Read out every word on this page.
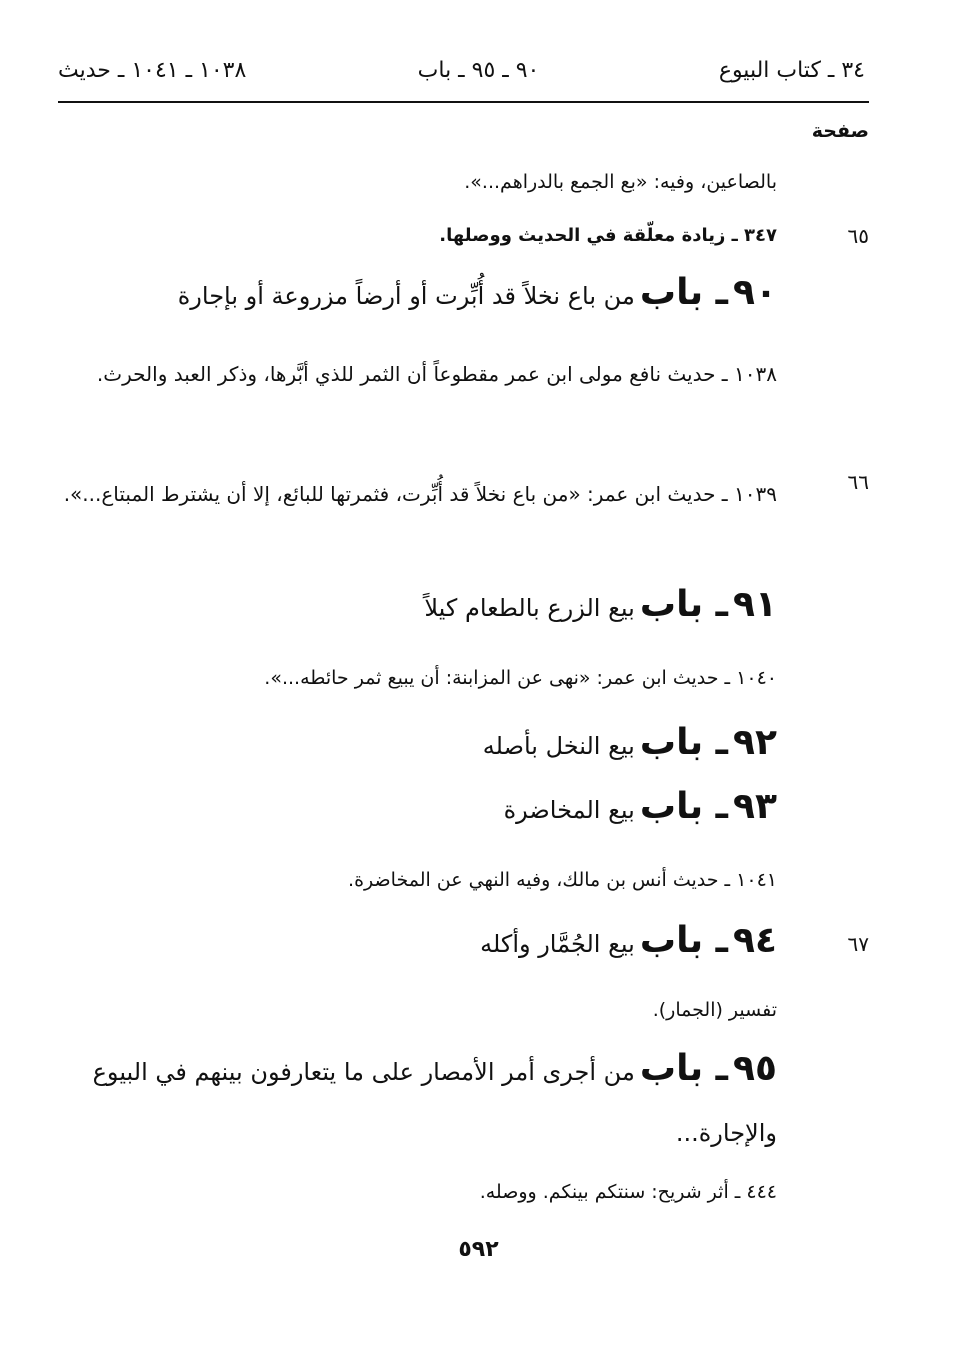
٣٤ ـ كتاب البيوع
٩٠ ـ ٩٥ ـ باب
١٠٣٨ ـ ١٠٤١ ـ حديث
صفحة
بالصاعين، وفيه: «بع الجمع بالدراهم...».
٦٥
٣٤٧ ـ زيادة معلّقة في الحديث ووصلها.
٩٠ ـ باب من باع نخلاً قد أُبِّرت أو أرضاً مزروعة أو بإجارة
١٠٣٨ ـ حديث نافع مولى ابن عمر مقطوعاً أن الثمر للذي أبَّرها، وذكر العبد والحرث.
٦٦
١٠٣٩ ـ حديث ابن عمر: «من باع نخلاً قد أُبِّرت، فثمرتها للبائع، إلا أن يشترط المبتاع...».
٩١ ـ باب بيع الزرع بالطعام كيلاً
١٠٤٠ ـ حديث ابن عمر: «نهى عن المزابنة: أن يبيع ثمر حائطه...».
٩٢ ـ باب بيع النخل بأصله
٩٣ ـ باب بيع المخاضرة
١٠٤١ ـ حديث أنس بن مالك، وفيه النهي عن المخاضرة.
٦٧
٩٤ ـ باب بيع الجُمَّار وأكله
تفسير (الجمار).
٩٥ ـ باب من أجرى أمر الأمصار على ما يتعارفون بينهم في البيوع والإجارة...
٤٤٤ ـ أثر شريح: سنتكم بينكم. ووصله.
٥٩٢
